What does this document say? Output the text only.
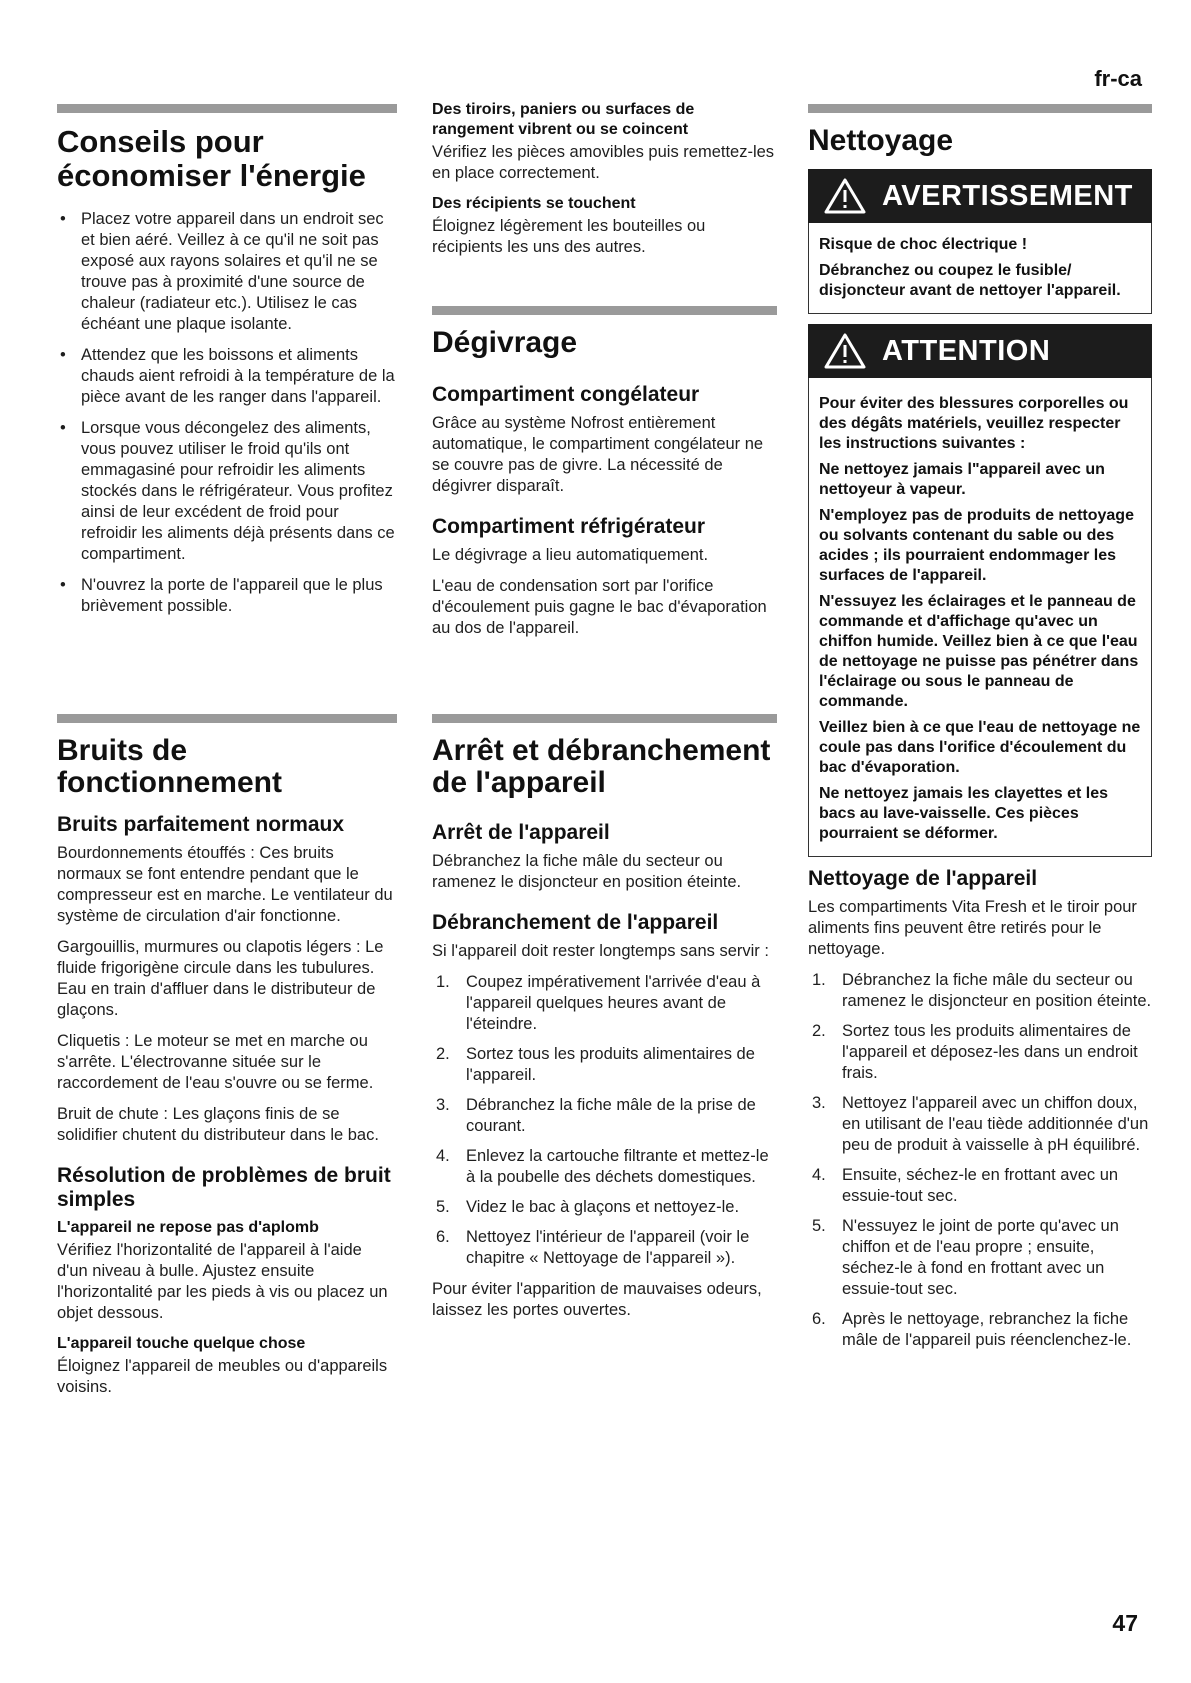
fr-ca
Conseils pour économiser l'énergie
• Placez votre appareil dans un endroit sec et bien aéré. Veillez à ce qu'il ne soit pas exposé aux rayons solaires et qu'il ne se trouve pas à proximité d'une source de chaleur (radiateur etc.). Utilisez le cas échéant une plaque isolante.
• Attendez que les boissons et aliments chauds aient refroidi à la température de la pièce avant de les ranger dans l'appareil.
• Lorsque vous décongelez des aliments, vous pouvez utiliser le froid qu'ils ont emmagasiné pour refroidir les aliments stockés dans le réfrigérateur. Vous profitez ainsi de leur excédent de froid pour refroidir les aliments déjà présents dans ce compartiment.
• N'ouvrez la porte de l'appareil que le plus brièvement possible.
Bruits de fonctionnement
Bruits parfaitement normaux

Bourdonnements étouffés : Ces bruits normaux se font entendre pendant que le compresseur est en marche. Le ventilateur du système de circulation d'air fonctionne.

Gargouillis, murmures ou clapotis légers : Le fluide frigorigène circule dans les tubulures. Eau en train d'affluer dans le distributeur de glaçons.

Cliquetis : Le moteur se met en marche ou s'arrête. L'électrovanne située sur le raccordement de l'eau s'ouvre ou se ferme.

Bruit de chute : Les glaçons finis de se solidifier chutent du distributeur dans le bac.

Résolution de problèmes de bruit simples
L'appareil ne repose pas d'aplomb

Vérifiez l'horizontalité de l'appareil à l'aide d'un niveau à bulle. Ajustez ensuite l'horizontalité par les pieds à vis ou placez un objet dessous.

L'appareil touche quelque chose

Éloignez l'appareil de meubles ou d'appareils voisins.

Des tiroirs, paniers ou surfaces de rangement vibrent ou se coincent

Vérifiez les pièces amovibles puis remettez-les en place correctement.

Des récipients se touchent

Éloignez légèrement les bouteilles ou récipients les uns des autres.

Dégivrage
Compartiment congélateur

Grâce au système Nofrost entièrement automatique, le compartiment congélateur ne se couvre pas de givre. La nécessité de dégivrer disparaît.

Compartiment réfrigérateur

Le dégivrage a lieu automatiquement.

L'eau de condensation sort par l'orifice d'écoulement puis gagne le bac d'évaporation au dos de l'appareil.

Arrêt et débranchement de l'appareil
Arrêt de l'appareil

Débranchez la fiche mâle du secteur ou ramenez le disjoncteur en position éteinte.

Débranchement de l'appareil

Si l'appareil doit rester longtemps sans servir :

1. Coupez impérativement l'arrivée d'eau à l'appareil quelques heures avant de l'éteindre.
2. Sortez tous les produits alimentaires de l'appareil.
3. Débranchez la fiche mâle de la prise de courant.
4. Enlevez la cartouche filtrante et mettez-le à la poubelle des déchets domestiques.
5. Videz le bac à glaçons et nettoyez-le.
6. Nettoyez l'intérieur de l'appareil (voir le chapitre « Nettoyage de l'appareil »).

Pour éviter l'apparition de mauvaises odeurs, laissez les portes ouvertes.

Nettoyage
AVERTISSEMENT

Risque de choc électrique !

Débranchez ou coupez le fusible/ disjoncteur avant de nettoyer l'appareil.

ATTENTION

Pour éviter des blessures corporelles ou des dégâts matériels, veuillez respecter les instructions suivantes :

Ne nettoyez jamais l"appareil avec un nettoyeur à vapeur.

N'employez pas de produits de nettoyage ou solvants contenant du sable ou des acides ; ils pourraient endommager les surfaces de l'appareil.

N'essuyez les éclairages et le panneau de commande et d'affichage qu'avec un chiffon humide. Veillez bien à ce que l'eau de nettoyage ne puisse pas pénétrer dans l'éclairage ou sous le panneau de commande.

Veillez bien à ce que l'eau de nettoyage ne coule pas dans l'orifice d'écoulement du bac d'évaporation.

Ne nettoyez jamais les clayettes et les bacs au lave-vaisselle. Ces pièces pourraient se déformer.

Nettoyage de l'appareil

Les compartiments Vita Fresh et le tiroir pour aliments fins peuvent être retirés pour le nettoyage.

1. Débranchez la fiche mâle du secteur ou ramenez le disjoncteur en position éteinte.
2. Sortez tous les produits alimentaires de l'appareil et déposez-les dans un endroit frais.
3. Nettoyez l'appareil avec un chiffon doux, en utilisant de l'eau tiède additionnée d'un peu de produit à vaisselle à pH équilibré.
4. Ensuite, séchez-le en frottant avec un essuie-tout sec.
5. N'essuyez le joint de porte qu'avec un chiffon et de l'eau propre ; ensuite, séchez-le à fond en frottant avec un essuie-tout sec.
6. Après le nettoyage, rebranchez la fiche mâle de l'appareil puis réenclenchez-le.
47
